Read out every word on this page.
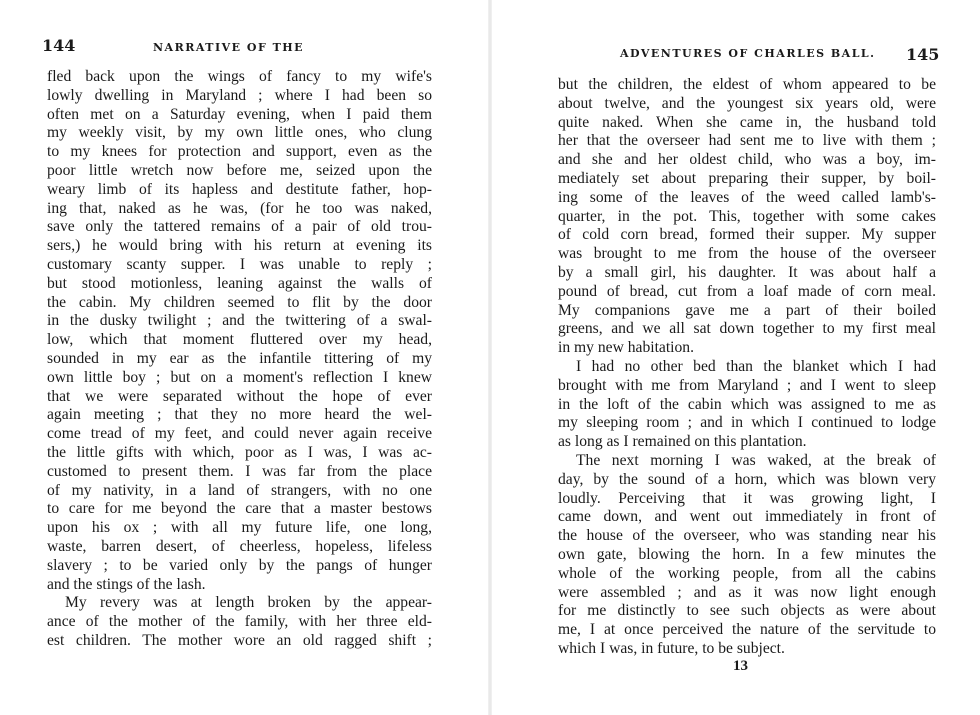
144	NARRATIVE OF THE
fled back upon the wings of fancy to my wife's
lowly dwelling in Maryland ; where I had been so
often met on a Saturday evening, when I paid them
my weekly visit, by my own little ones, who clung
to my knees for protection and support, even as the
poor little wretch now before me, seized upon the
weary limb of its hapless and destitute father, hop-
ing that, naked as he was, (for he too was naked,
save only the tattered remains of a pair of old trou-
sers,) he would bring with his return at evening its
customary scanty supper. I was unable to reply ;
but stood motionless, leaning against the walls of
the cabin. My children seemed to flit by the door
in the dusky twilight ; and the twittering of a swal-
low, which that moment fluttered over my head,
sounded in my ear as the infantile tittering of my
own little boy ; but on a moment's reflection I knew
that we were separated without the hope of ever
again meeting ; that they no more heard the wel-
come tread of my feet, and could never again receive
the little gifts with which, poor as I was, I was ac-
customed to present them. I was far from the place
of my nativity, in a land of strangers, with no one
to care for me beyond the care that a master bestows
upon his ox ; with all my future life, one long,
waste, barren desert, of cheerless, hopeless, lifeless
slavery ; to be varied only by the pangs of hunger
and the stings of the lash.
My revery was at length broken by the appear-
ance of the mother of the family, with her three eld-
est children. The mother wore an old ragged shift ;
ADVENTURES OF CHARLES BALL. 145
but the children, the eldest of whom appeared to be
about twelve, and the youngest six years old, were
quite naked. When she came in, the husband told
her that the overseer had sent me to live with them ;
and she and her oldest child, who was a boy, im-
mediately set about preparing their supper, by boil-
ing some of the leaves of the weed called lamb's-
quarter, in the pot. This, together with some cakes
of cold corn bread, formed their supper. My supper
was brought to me from the house of the overseer
by a small girl, his daughter. It was about half a
pound of bread, cut from a loaf made of corn meal.
My companions gave me a part of their boiled
greens, and we all sat down together to my first meal
in my new habitation.
I had no other bed than the blanket which I had
brought with me from Maryland ; and I went to sleep
in the loft of the cabin which was assigned to me as
my sleeping room ; and in which I continued to lodge
as long as I remained on this plantation.
The next morning I was waked, at the break of
day, by the sound of a horn, which was blown very
loudly. Perceiving that it was growing light, I
came down, and went out immediately in front of
the house of the overseer, who was standing near his
own gate, blowing the horn. In a few minutes the
whole of the working people, from all the cabins
were assembled ; and as it was now light enough
for me distinctly to see such objects as were about
me, I at once perceived the nature of the servitude to
which I was, in future, to be subject.
13
